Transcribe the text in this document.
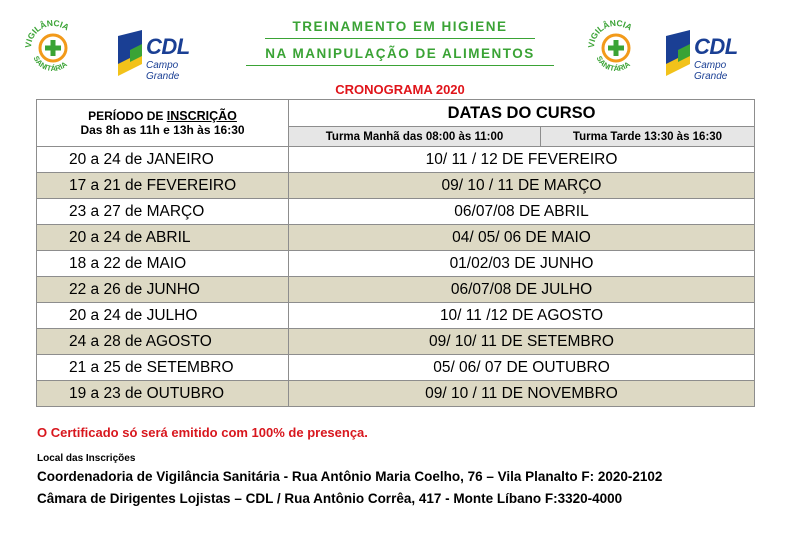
VIGILÂNCIA
SANITÁRIA
CDL
Campo Grande
VIGILÂNCIA
SANITÁRIA
CDL
Campo Grande
TREINAMENTO EM HIGIENE
NA MANIPULAÇÃO DE ALIMENTOS
CRONOGRAMA 2020
PERÍODO DE INSCRIÇÃO
Das 8h as 11h e 13h às 16:30	DATAS DO CURSO	
	Turma Manhã das 08:00 às 11:00	Turma Tarde 13:30 às 16:30
20 a 24 de JANEIRO	10/ 11 / 12 DE FEVEREIRO	
17 a 21 de FEVEREIRO	09/ 10 / 11 DE MARÇO	
23 a 27 de MARÇO	06/07/08 DE ABRIL	
20 a 24 de ABRIL	04/ 05/ 06 DE MAIO	
18 a 22 de MAIO	01/02/03 DE JUNHO	
22 a 26 de JUNHO	06/07/08 DE JULHO	
20 a 24 de JULHO	10/ 11 /12 DE AGOSTO	
24 a 28 de AGOSTO	09/ 10/ 11 DE SETEMBRO	
21 a 25 de SETEMBRO	05/ 06/ 07 DE OUTUBRO	
19 a 23 de OUTUBRO	09/ 10 / 11 DE NOVEMBRO	
O Certificado só será emitido com 100% de presença.
Local das Inscrições
Coordenadoria de Vigilância Sanitária - Rua Antônio Maria Coelho, 76 – Vila Planalto F: 2020-2102
Câmara de Dirigentes Lojistas – CDL / Rua Antônio Corrêa, 417 - Monte Líbano F:3320-4000
